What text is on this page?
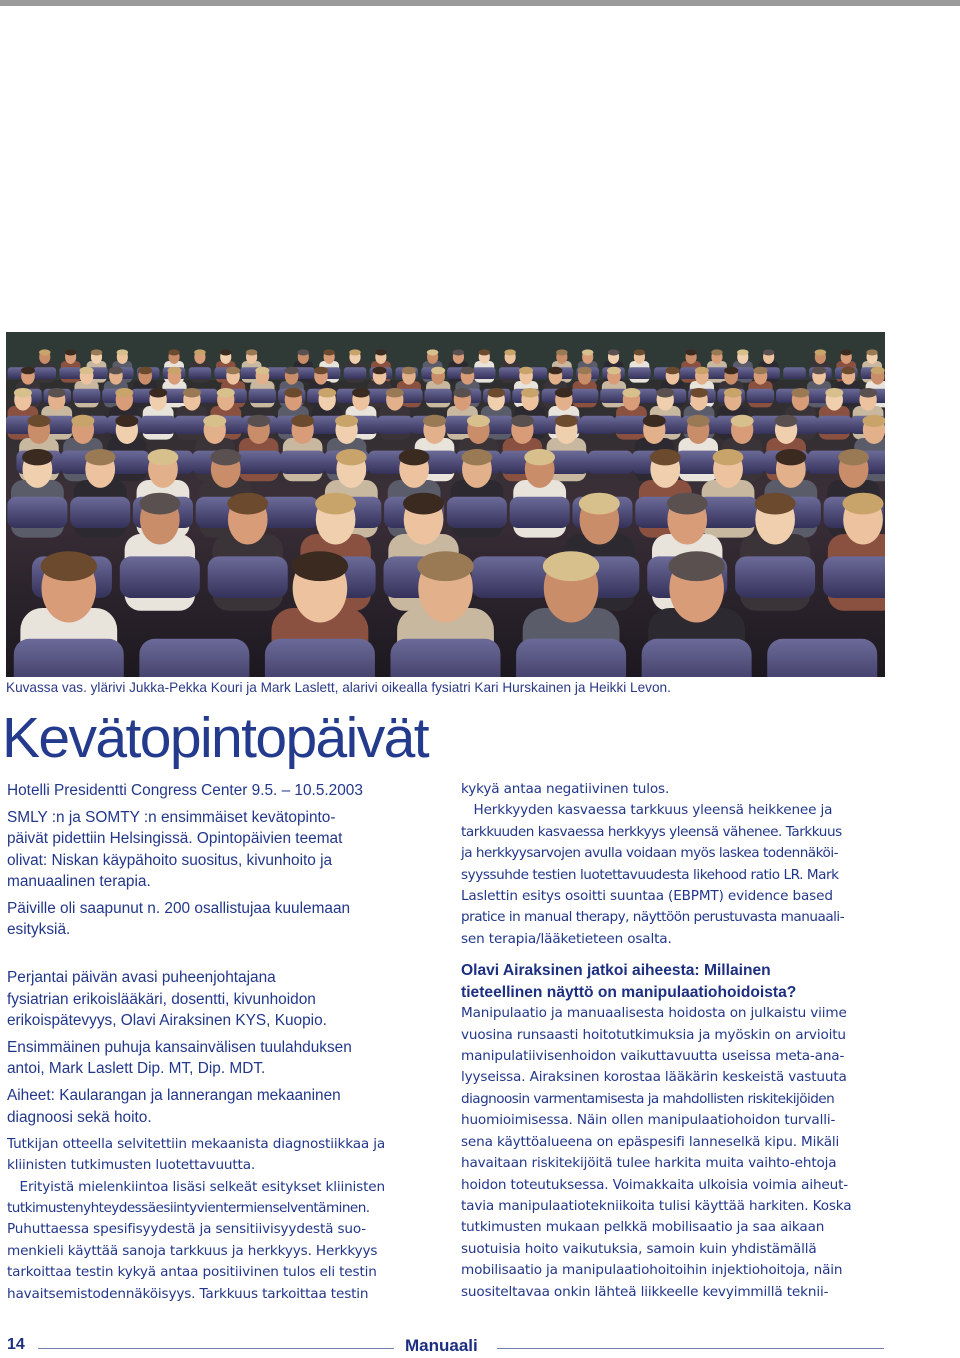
Kuvassa vas. ylärivi Jukka-Pekka Kouri ja Mark Laslett, alarivi oikealla fysiatri Kari Hurskainen ja Heikki Levon.
Kevätopintopäivät
Hotelli Presidentti Congress Center 9.5. – 10.5.2003
SMLY :n ja SOMTY :n ensimmäiset kevätopinto-
päivät pidettiin Helsingissä. Opintopäivien teemat
olivat: Niskan käypähoito suositus, kivunhoito ja
manuaalinen terapia.
Päiville oli saapunut n. 200 osallistujaa kuulemaan
esityksiä.
Perjantai päivän avasi puheenjohtajana
fysiatrian erikoislääkäri, dosentti, kivunhoidon
erikoispätevyys, Olavi Airaksinen KYS, Kuopio.
Ensimmäinen puhuja kansainvälisen tuulahduksen
antoi, Mark Laslett Dip. MT, Dip. MDT.
Aiheet: Kaularangan ja lannerangan mekaaninen
diagnoosi sekä hoito.
Tutkijan otteella selvitettiin mekaanista diagnostiikkaa ja
kliinisten tutkimusten luotettavuutta.
Erityistä mielenkiintoa lisäsi selkeät esitykset kliinisten
tutkimustenyhteydessäesiintyvientermienselventäminen.
Puhuttaessa spesifisyydestä ja sensitiivisyydestä suo-
menkieli käyttää sanoja tarkkuus ja herkkyys. Herkkyys
tarkoittaa testin kykyä antaa positiivinen tulos eli testin
havaitsemistodennäköisyys. Tarkkuus tarkoittaa testin
kykyä antaa negatiivinen tulos.
Herkkyyden kasvaessa tarkkuus yleensä heikkenee ja
tarkkuuden kasvaessa herkkyys yleensä vähenee. Tarkkuus
ja herkkyysarvojen avulla voidaan myös laskea todennäköi-
syyssuhde testien luotettavuudesta likehood ratio LR. Mark
Laslettin esitys osoitti suuntaa (EBPMT) evidence based
pratice in manual therapy, näyttöön perustuvasta manuaali-
sen terapia/lääketieteen osalta.
Olavi Airaksinen jatkoi aiheesta: Millainen
tieteellinen näyttö on manipulaatiohoidoista?
Manipulaatio ja manuaalisesta hoidosta on julkaistu viime
vuosina runsaasti hoitotutkimuksia ja myöskin on arvioitu
manipulatiivisenhoidon vaikuttavuutta useissa meta-ana-
lyyseissa. Airaksinen korostaa lääkärin keskeistä vastuuta
diagnoosin varmentamisesta ja mahdollisten riskitekijöiden
huomioimisessa. Näin ollen manipulaatiohoidon turvalli-
sena käyttöalueena on epäspesifi lanneselkä kipu. Mikäli
havaitaan riskitekijöitä tulee harkita muita vaihto-ehtoja
hoidon toteutuksessa. Voimakkaita ulkoisia voimia aiheut-
tavia manipulaatiotekniikoita tulisi käyttää harkiten. Koska
tutkimusten mukaan pelkkä mobilisaatio ja saa aikaan
suotuisia hoito vaikutuksia, samoin kuin yhdistämällä
mobilisaatio ja manipulaatiohoitoihin injektiohoitoja, näin
suositeltavaa onkin lähteä liikkeelle kevyimmillä teknii-
14	Manuaali
